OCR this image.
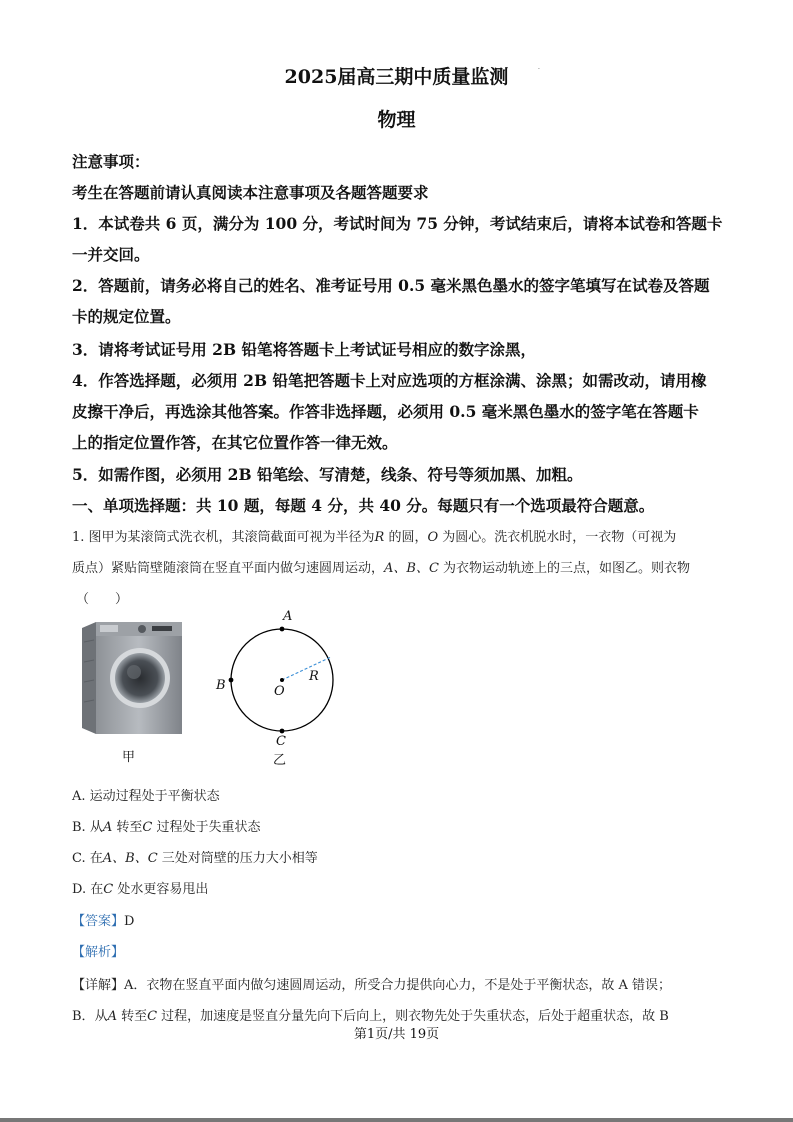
2025届高三期中质量监测	·
物理
注意事项：
考生在答题前请认真阅读本注意事项及各题答题要求
1．本试卷共 6 页，满分为 100 分，考试时间为 75 分钟，考试结束后，请将本试卷和答题卡
一并交回。
2．答题前，请务必将自己的姓名、准考证号用 0.5 毫米黑色墨水的签字笔填写在试卷及答题
卡的规定位置。
3．请将考试证号用 2B 铅笔将答题卡上考试证号相应的数字涂黑，
4．作答选择题，必须用 2B 铅笔把答题卡上对应选项的方框涂满、涂黑；如需改动，请用橡
皮擦干净后，再选涂其他答案。作答非选择题，必须用 0.5 毫米黑色墨水的签字笔在答题卡
上的指定位置作答，在其它位置作答一律无效。
5．如需作图，必须用 2B 铅笔绘、写清楚，线条、符号等须加黑、加粗。
一、单项选择题：共 10 题，每题 4 分，共 40 分。每题只有一个选项最符合题意。
1. 图甲为某滚筒式洗衣机，其滚筒截面可视为半径为R 的圆，O 为圆心。洗衣机脱水时，一衣物（可视为
质点）紧贴筒壁随滚筒在竖直平面内做匀速圆周运动，A、B、C 为衣物运动轨迹上的三点，如图乙。则衣物
（　　）
甲
A
B	O
R
C
乙
A. 运动过程处于平衡状态
B. 从A 转至C 过程处于失重状态
C. 在A、B、C 三处对筒壁的压力大小相等
D. 在C 处水更容易甩出
【答案】D
【解析】
【详解】A．衣物在竖直平面内做匀速圆周运动，所受合力提供向心力，不是处于平衡状态，故 A 错误；
B．从A 转至C 过程，加速度是竖直分量先向下后向上，则衣物先处于失重状态，后处于超重状态，故 B
第1页/共 19页
